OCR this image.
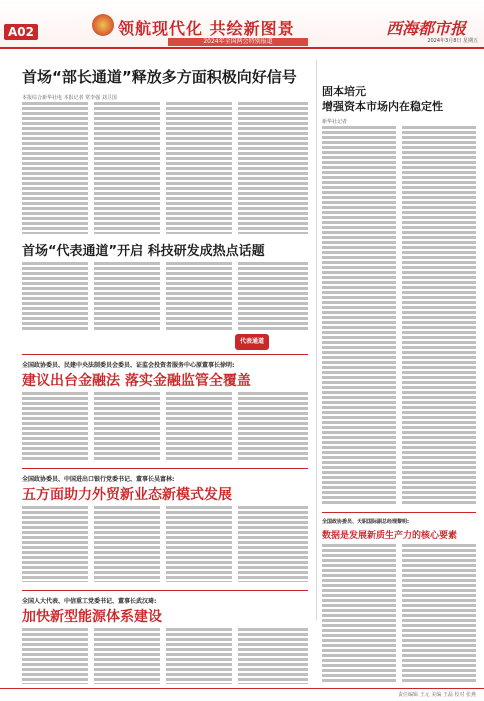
A02	领航现代化 共绘新图景
2024年全国两会特别报道
西海都市报
2024年3月8日 星期五
首场“部长通道”释放多方面积极向好信号
本报综合新华社电 本报记者 常李强 刘卫国	固本培元
增强资本市场内在稳定性
新华社记者
首场“代表通道”开启 科技研发成热点话题
代表通道
全国政协委员、民建中央法制委员会委员、证监会投资者服务中心原董事长徐明:
建议出台金融法 落实金融监管全覆盖
全国政协委员、中国进出口银行党委书记、董事长吴富林:
五方面助力外贸新业态新模式发展
全国人大代表、中信重工党委书记、董事长武汉琦:
加快新型能源体系建设
全国政协委员、天职国际副总经理黎明:
数据是发展新质生产力的核心要素
责任编辑 王元 美编 王磊 校对 张燕
